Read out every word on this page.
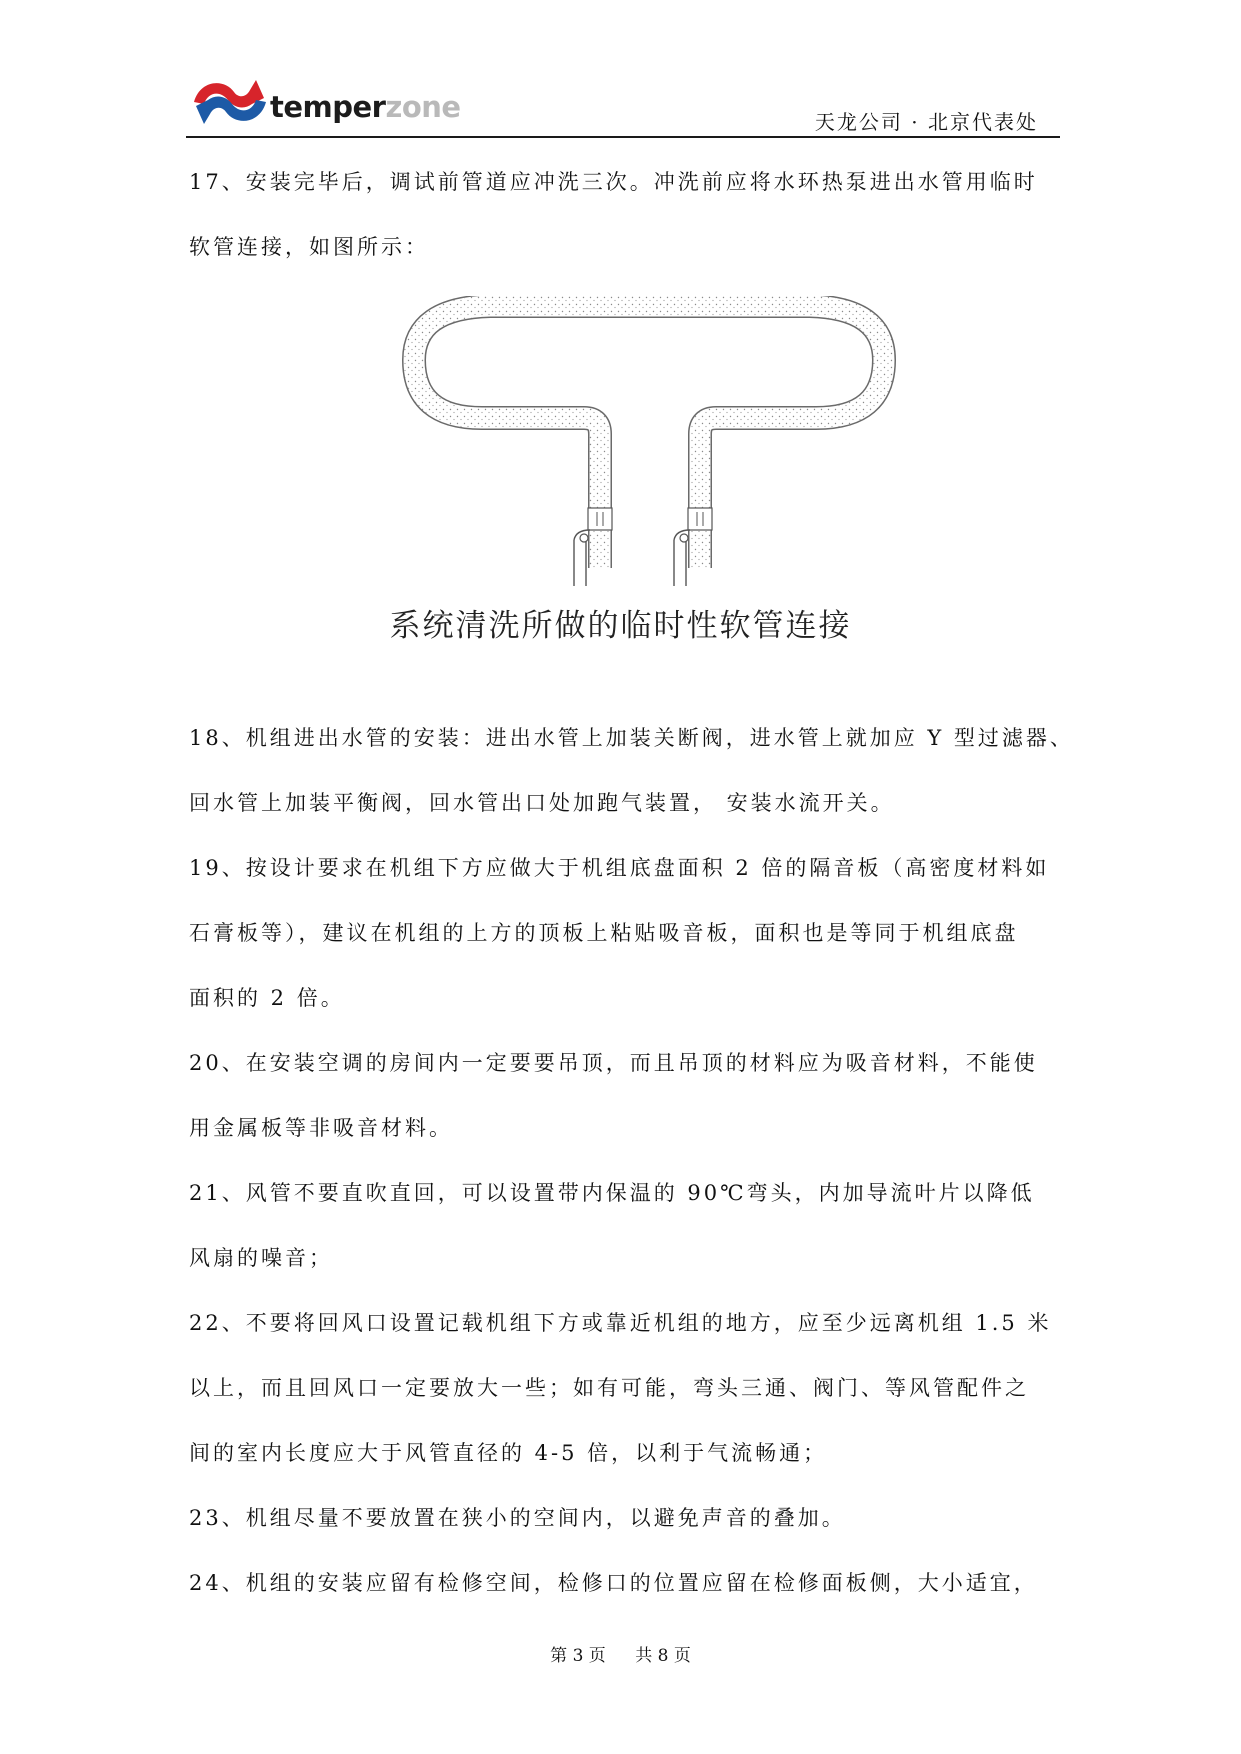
temperzone	天龙公司 · 北京代表处
17、安装完毕后，调试前管道应冲洗三次。冲洗前应将水环热泵进出水管用临时
软管连接，如图所示：
系统清洗所做的临时性软管连接
18、机组进出水管的安装：进出水管上加装关断阀，进水管上就加应 Y 型过滤器、
回水管上加装平衡阀，回水管出口处加跑气装置， 安装水流开关。
19、按设计要求在机组下方应做大于机组底盘面积 2 倍的隔音板（高密度材料如
石膏板等），建议在机组的上方的顶板上粘贴吸音板，面积也是等同于机组底盘
面积的 2 倍。
20、在安装空调的房间内一定要要吊顶，而且吊顶的材料应为吸音材料，不能使
用金属板等非吸音材料。
21、风管不要直吹直回，可以设置带内保温的 90℃弯头，内加导流叶片以降低
风扇的噪音；
22、不要将回风口设置记载机组下方或靠近机组的地方，应至少远离机组 1.5 米
以上，而且回风口一定要放大一些；如有可能，弯头三通、阀门、等风管配件之
间的室内长度应大于风管直径的 4-5 倍，以利于气流畅通；
23、机组尽量不要放置在狭小的空间内，以避免声音的叠加。
24、机组的安装应留有检修空间，检修口的位置应留在检修面板侧，大小适宜，
第 3 页 共 8 页
